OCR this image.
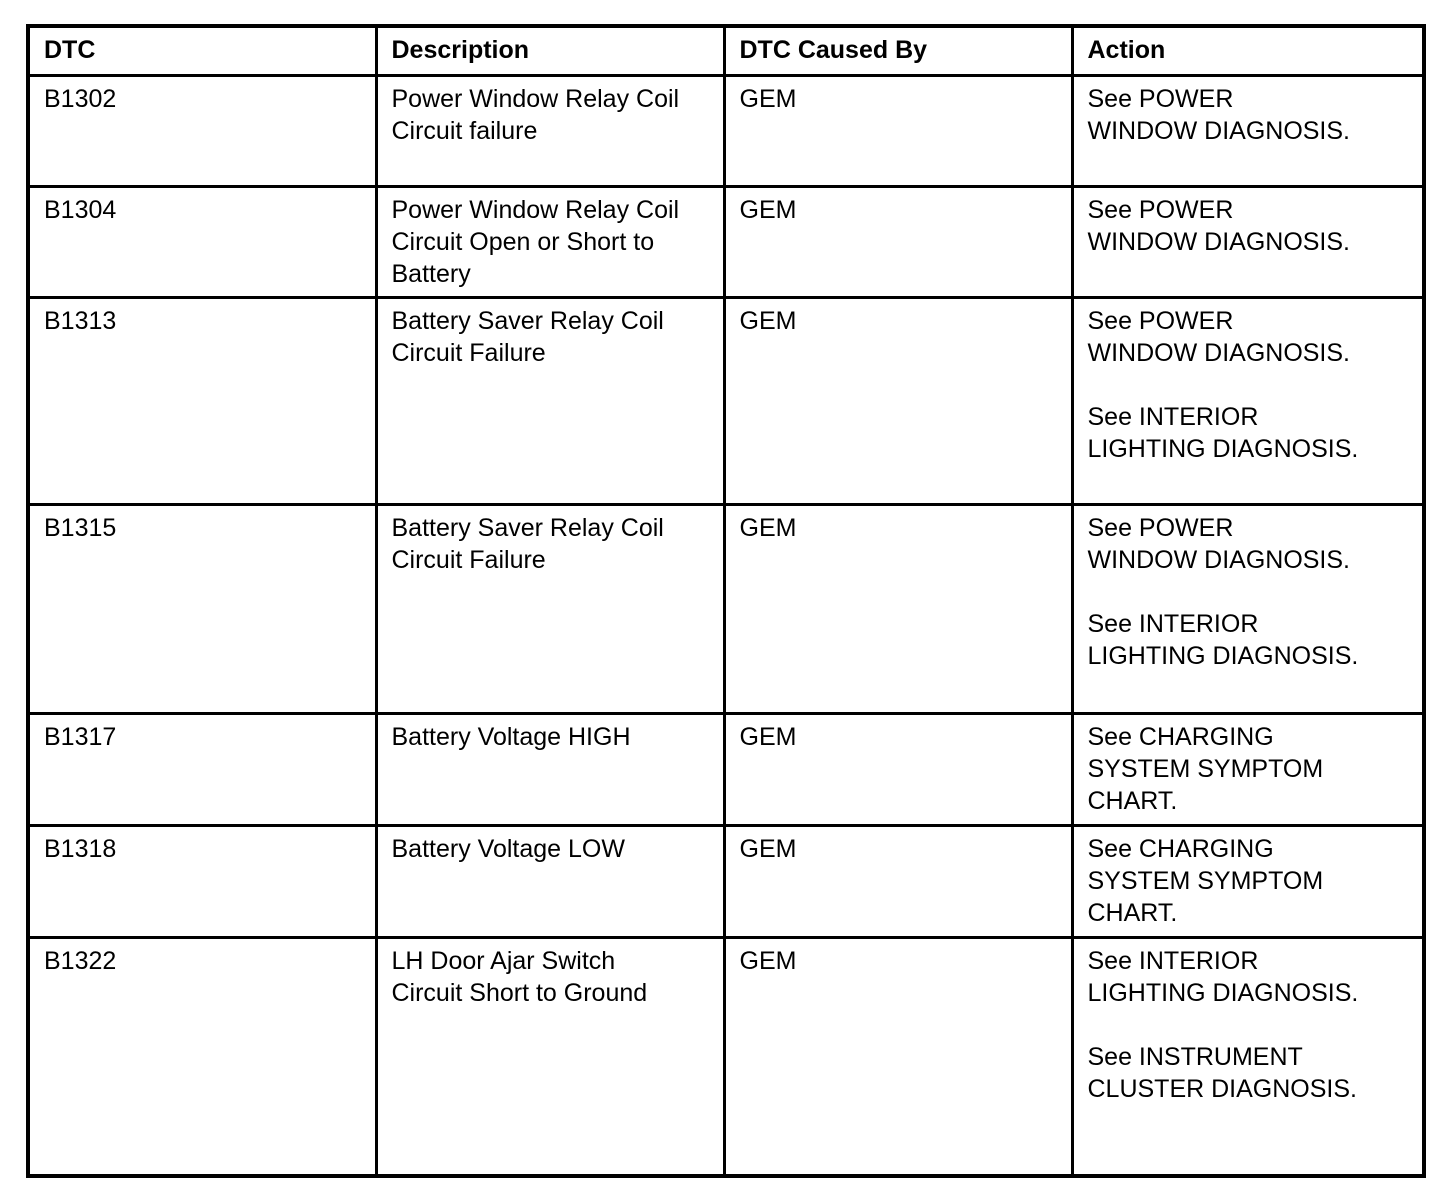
DTC	Description	DTC Caused By	Action
B1302	Power Window Relay Coil
Circuit failure	GEM	See POWER
WINDOW DIAGNOSIS.

B1304	Power Window Relay Coil
Circuit Open or Short to
Battery	GEM	See POWER
WINDOW DIAGNOSIS.

B1313	Battery Saver Relay Coil
Circuit Failure	GEM	See POWER
WINDOW DIAGNOSIS.
See INTERIOR
LIGHTING DIAGNOSIS.

B1315	Battery Saver Relay Coil
Circuit Failure	GEM	See POWER
WINDOW DIAGNOSIS.
See INTERIOR
LIGHTING DIAGNOSIS.

B1317	Battery Voltage HIGH	GEM	See CHARGING
SYSTEM SYMPTOM
CHART.

B1318	Battery Voltage LOW	GEM	See CHARGING
SYSTEM SYMPTOM
CHART.

B1322	LH Door Ajar Switch
Circuit Short to Ground	GEM	See INTERIOR
LIGHTING DIAGNOSIS.
See INSTRUMENT
CLUSTER DIAGNOSIS.
